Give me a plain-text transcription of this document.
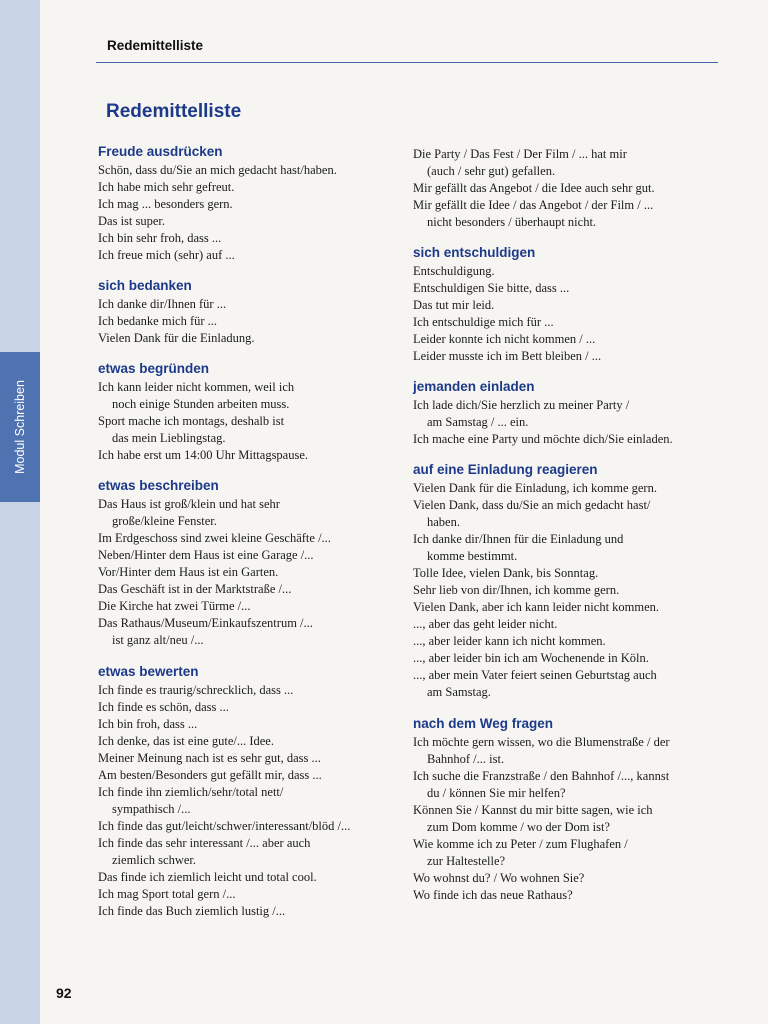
Modul Schreiben
Redemittelliste
Redemittelliste
Freude ausdrücken
Schön, dass du/Sie an mich gedacht hast/haben.
Ich habe mich sehr gefreut.
Ich mag ... besonders gern.
Das ist super.
Ich bin sehr froh, dass ...
Ich freue mich (sehr) auf ...
sich bedanken
Ich danke dir/Ihnen für ...
Ich bedanke mich für ...
Vielen Dank für die Einladung.
etwas begründen
Ich kann leider nicht kommen, weil ich
noch einige Stunden arbeiten muss.
Sport mache ich montags, deshalb ist
das mein Lieblingstag.
Ich habe erst um 14:00 Uhr Mittagspause.
etwas beschreiben
Das Haus ist groß/klein und hat sehr
große/kleine Fenster.
Im Erdgeschoss sind zwei kleine Geschäfte /...
Neben/Hinter dem Haus ist eine Garage /...
Vor/Hinter dem Haus ist ein Garten.
Das Geschäft ist in der Marktstraße /...
Die Kirche hat zwei Türme /...
Das Rathaus/Museum/Einkaufszentrum /...
ist ganz alt/neu /...
etwas bewerten
Ich finde es traurig/schrecklich, dass ...
Ich finde es schön, dass ...
Ich bin froh, dass ...
Ich denke, das ist eine gute/... Idee.
Meiner Meinung nach ist es sehr gut, dass ...
Am besten/Besonders gut gefällt mir, dass ...
Ich finde ihn ziemlich/sehr/total nett/
sympathisch /...
Ich finde das gut/leicht/schwer/interessant/blöd /...
Ich finde das sehr interessant /... aber auch
ziemlich schwer.
Das finde ich ziemlich leicht und total cool.
Ich mag Sport total gern /...
Ich finde das Buch ziemlich lustig /...
Die Party / Das Fest / Der Film / ... hat mir
(auch / sehr gut) gefallen.
Mir gefällt das Angebot / die Idee auch sehr gut.
Mir gefällt die Idee / das Angebot / der Film / ...
nicht besonders / überhaupt nicht.
sich entschuldigen
Entschuldigung.
Entschuldigen Sie bitte, dass ...
Das tut mir leid.
Ich entschuldige mich für ...
Leider konnte ich nicht kommen / ...
Leider musste ich im Bett bleiben / ...
jemanden einladen
Ich lade dich/Sie herzlich zu meiner Party /
am Samstag / ... ein.
Ich mache eine Party und möchte dich/Sie einladen.
auf eine Einladung reagieren
Vielen Dank für die Einladung, ich komme gern.
Vielen Dank, dass du/Sie an mich gedacht hast/
haben.
Ich danke dir/Ihnen für die Einladung und
komme bestimmt.
Tolle Idee, vielen Dank, bis Sonntag.
Sehr lieb von dir/Ihnen, ich komme gern.
Vielen Dank, aber ich kann leider nicht kommen.
..., aber das geht leider nicht.
..., aber leider kann ich nicht kommen.
..., aber leider bin ich am Wochenende in Köln.
..., aber mein Vater feiert seinen Geburtstag auch
am Samstag.
nach dem Weg fragen
Ich möchte gern wissen, wo die Blumenstraße / der
Bahnhof /... ist.
Ich suche die Franzstraße / den Bahnhof /..., kannst
du / können Sie mir helfen?
Können Sie / Kannst du mir bitte sagen, wie ich
zum Dom komme / wo der Dom ist?
Wie komme ich zu Peter / zum Flughafen /
zur Haltestelle?
Wo wohnst du? / Wo wohnen Sie?
Wo finde ich das neue Rathaus?
92
